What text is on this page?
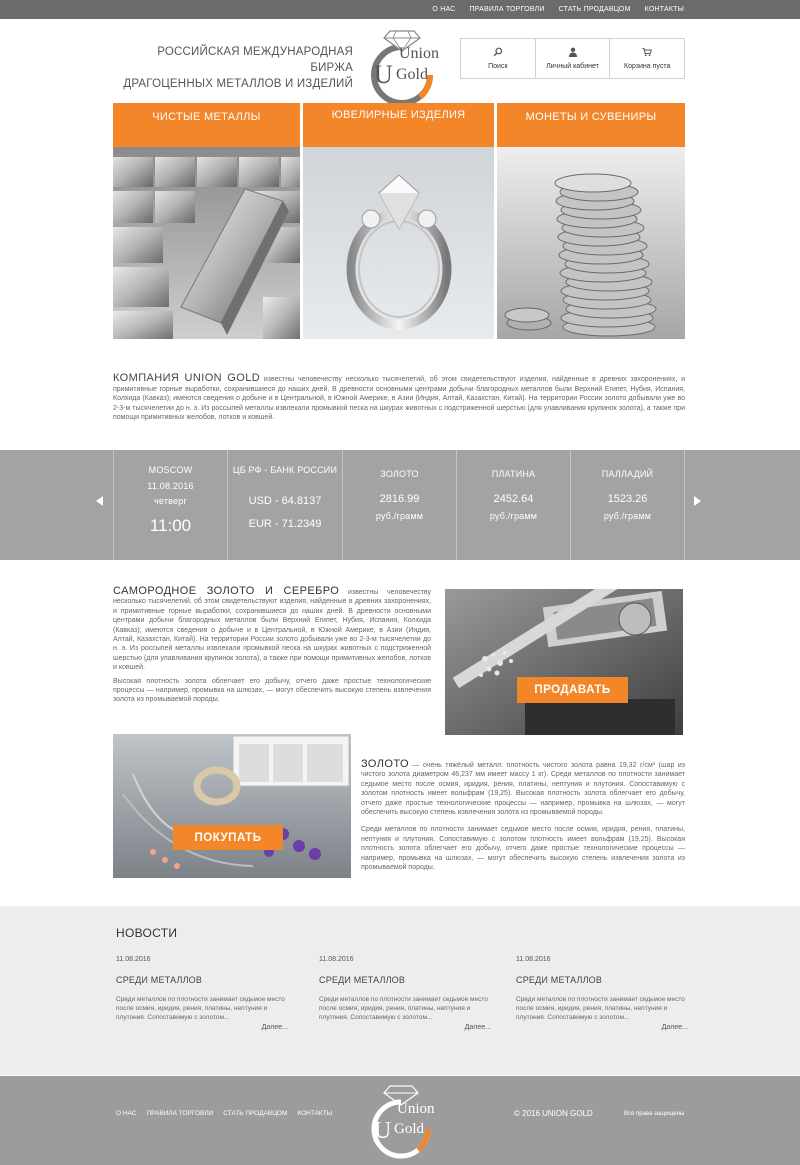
О НАС ПРАВИЛА ТОРГОВЛИ СТАТЬ ПРОДАВЦОМ КОНТАКТЫ
РОССИЙСКАЯ МЕЖДУНАРОДНАЯ БИРЖА
ДРАГОЦЕННЫХ МЕТАЛЛОВ И ИЗДЕЛИЙ U
Union
Gold	Поиск	Личный кабинет	Корзина пуста
ЧИСТЫЕ МЕТАЛЛЫ	ЮВЕЛИРНЫЕ ИЗДЕЛИЯ	МОНЕТЫ И СУВЕНИРЫ
КОМПАНИЯ UNION GOLD известны человечеству несколько тысячелетий, об этом свидетельствуют изделия, найденные в древних захоронениях, и примитивные горные выработки, сохранившиеся до наших дней. В древности основными центрами добычи благородных металлов были Верхний Египет, Нубия, Испания, Колхида (Кавказ); имеются сведения о добыче и в Центральной, в Южной Америке, в Азии (Индия, Алтай, Казахстан, Китай). На территории России золото добывали уже во 2-3-м тысячелетии до н. э. Из россыпей металлы извлекали промывкой песка на шкурах животных с подстриженной шерстью (для улавливания крупинок золота), а также при помощи примитивных желобов, лотков и ковшей.
MOSCOW
11.08.2016
четверг
11:00
ЦБ РФ - БАНК РОССИИ
USD - 64.8137
EUR - 71.2349
ЗОЛОТО
2816.99
руб./грамм
ПЛАТИНА
2452.64
руб./грамм
ПАЛЛАДИЙ
1523.26
руб./грамм

САМОРОДНОЕ ЗОЛОТО И СЕРЕБРО известны человечеству несколько тысячелетий, об этом свидетельствуют изделия, найденные в древних захоронениях, и примитивные горные выработки, сохранившиеся до наших дней. В древности основными центрами добычи благородных металлов были Верхний Египет, Нубия, Испания, Колхида (Кавказ); имеются сведения о добыче и в Центральной, в Южной Америке, в Азии (Индия, Алтай, Казахстан, Китай). На территории России золото добывали уже во 2-3-м тысячелетии до н. э. Из россыпей металлы извлекали промывкой песка на шкурах животных с подстриженной шерстью (для улавливания крупинок золота), а также при помощи примитивных желобов, лотков и ковшей.

Высокая плотность золота облегчает его добычу, отчего даже простые технологические процессы — например, промывка на шлюзах, — могут обеспечить высокую степень извлечения золота из промываемой породы.

ПРОДАВАТЬ
ПОКУПАТЬ

ЗОЛОТО — очень тяжёлый металл: плотность чистого золота равна 19,32 г/см³ (шар из чистого золота диаметром 46,237 мм имеет массу 1 кг). Среди металлов по плотности занимает седьмое место после осмия, иридия, рения, платины, нептуния и плутония. Сопоставимую с золотом плотность имеет вольфрам (19,25). Высокая плотность золота облегчает его добычу, отчего даже простые технологические процессы — например, промывка на шлюзах, — могут обеспечить высокую степень извлечения золота из промываемой породы.

Среди металлов по плотности занимает седьмое место после осмия, иридия, рения, платины, нептуния и плутония. Сопоставимую с золотом плотность имеет вольфрам (19,25). Высокая плотность золота облегчает его добычу, отчего даже простые технологические процессы — например, промывка на шлюзах, — могут обеспечить высокую степень извлечения золота из промываемой породы.

НОВОСТИ
11.08.2016
СРЕДИ МЕТАЛЛОВ
Среди металлов по плотности занимает седьмое место после осмия, иридия, рения, платины, нептуния и плутония. Сопоставимую с золотом...
Далее...
11.08.2016
СРЕДИ МЕТАЛЛОВ
Среди металлов по плотности занимает седьмое место после осмия, иридия, рения, платины, нептуния и плутония. Сопоставимую с золотом...
Далее...
11.08.2016
СРЕДИ МЕТАЛЛОВ
Среди металлов по плотности занимает седьмое место после осмия, иридия, рения, платины, нептуния и плутония. Сопоставимую с золотом...
Далее...
О НАС ПРАВИЛА ТОРГОВЛИ СТАТЬ ПРОДАВЦОМ КОНТАКТЫ
U
Union
Gold
© 2016 UNION GOLD	Все права защищены
